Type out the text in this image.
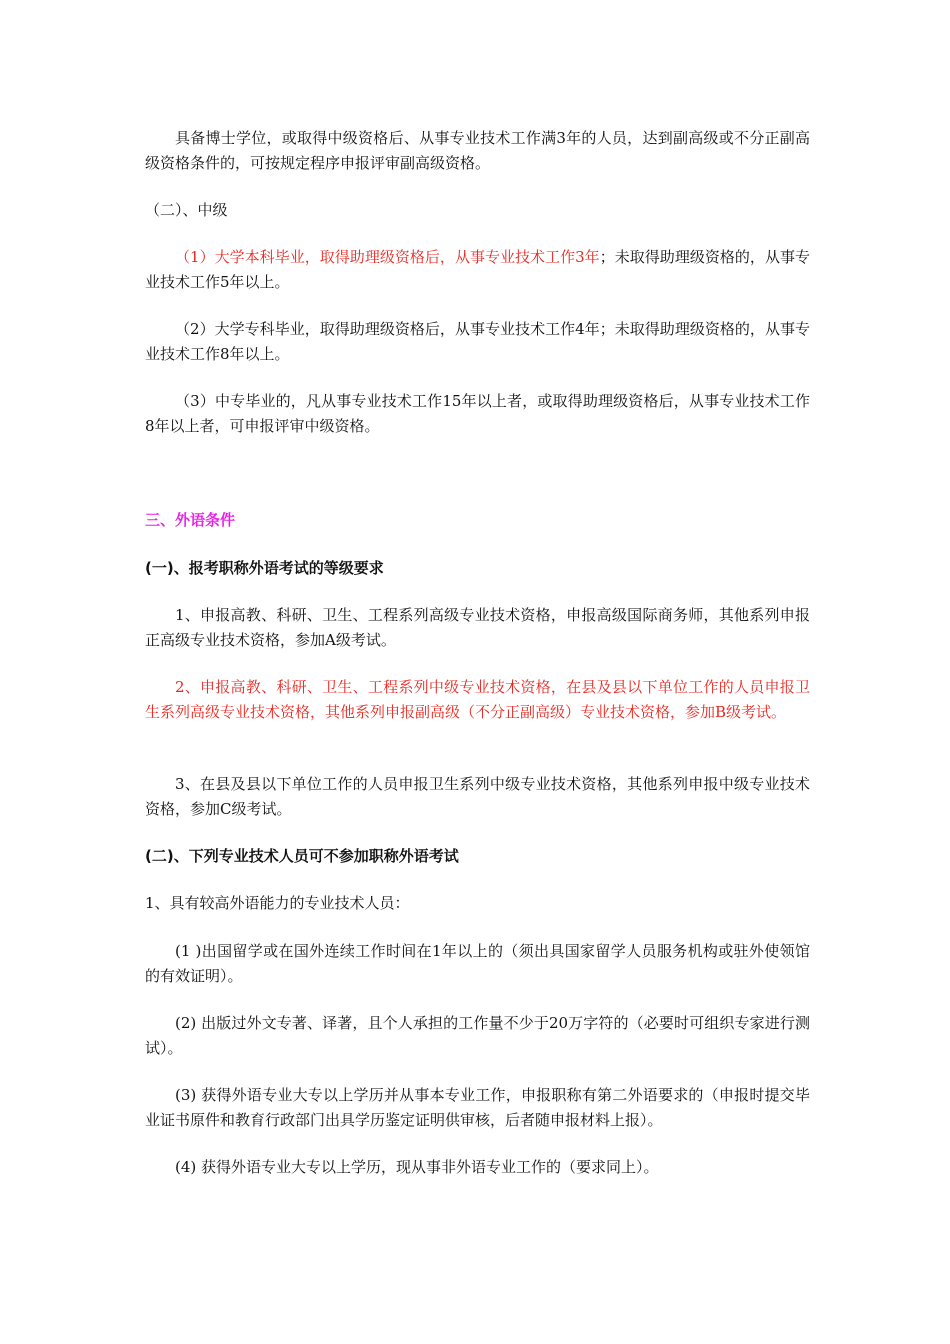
具备博士学位，或取得中级资格后、从事专业技术工作满3年的人员，达到副高级或不分正副高级资格条件的，可按规定程序申报评审副高级资格。

（二）、中级

（1）大学本科毕业，取得助理级资格后，从事专业技术工作3年；未取得助理级资格的，从事专业技术工作5年以上。

（2）大学专科毕业，取得助理级资格后，从事专业技术工作4年；未取得助理级资格的，从事专业技术工作8年以上。

（3）中专毕业的，凡从事专业技术工作15年以上者，或取得助理级资格后，从事专业技术工作8年以上者，可申报评审中级资格。

三、外语条件

(一)、报考职称外语考试的等级要求

1、申报高教、科研、卫生、工程系列高级专业技术资格，申报高级国际商务师，其他系列申报正高级专业技术资格，参加A级考试。

2、申报高教、科研、卫生、工程系列中级专业技术资格，在县及县以下单位工作的人员申报卫生系列高级专业技术资格，其他系列申报副高级（不分正副高级）专业技术资格，参加B级考试。

3、在县及县以下单位工作的人员申报卫生系列中级专业技术资格，其他系列申报中级专业技术资格，参加C级考试。

(二)、下列专业技术人员可不参加职称外语考试

1、具有较高外语能力的专业技术人员：

(1 )出国留学或在国外连续工作时间在1年以上的（须出具国家留学人员服务机构或驻外使领馆的有效证明）。

(2) 出版过外文专著、译著，且个人承担的工作量不少于20万字符的（必要时可组织专家进行测试）。

(3) 获得外语专业大专以上学历并从事本专业工作，申报职称有第二外语要求的（申报时提交毕业证书原件和教育行政部门出具学历鉴定证明供审核，后者随申报材料上报）。

(4) 获得外语专业大专以上学历，现从事非外语专业工作的（要求同上）。
